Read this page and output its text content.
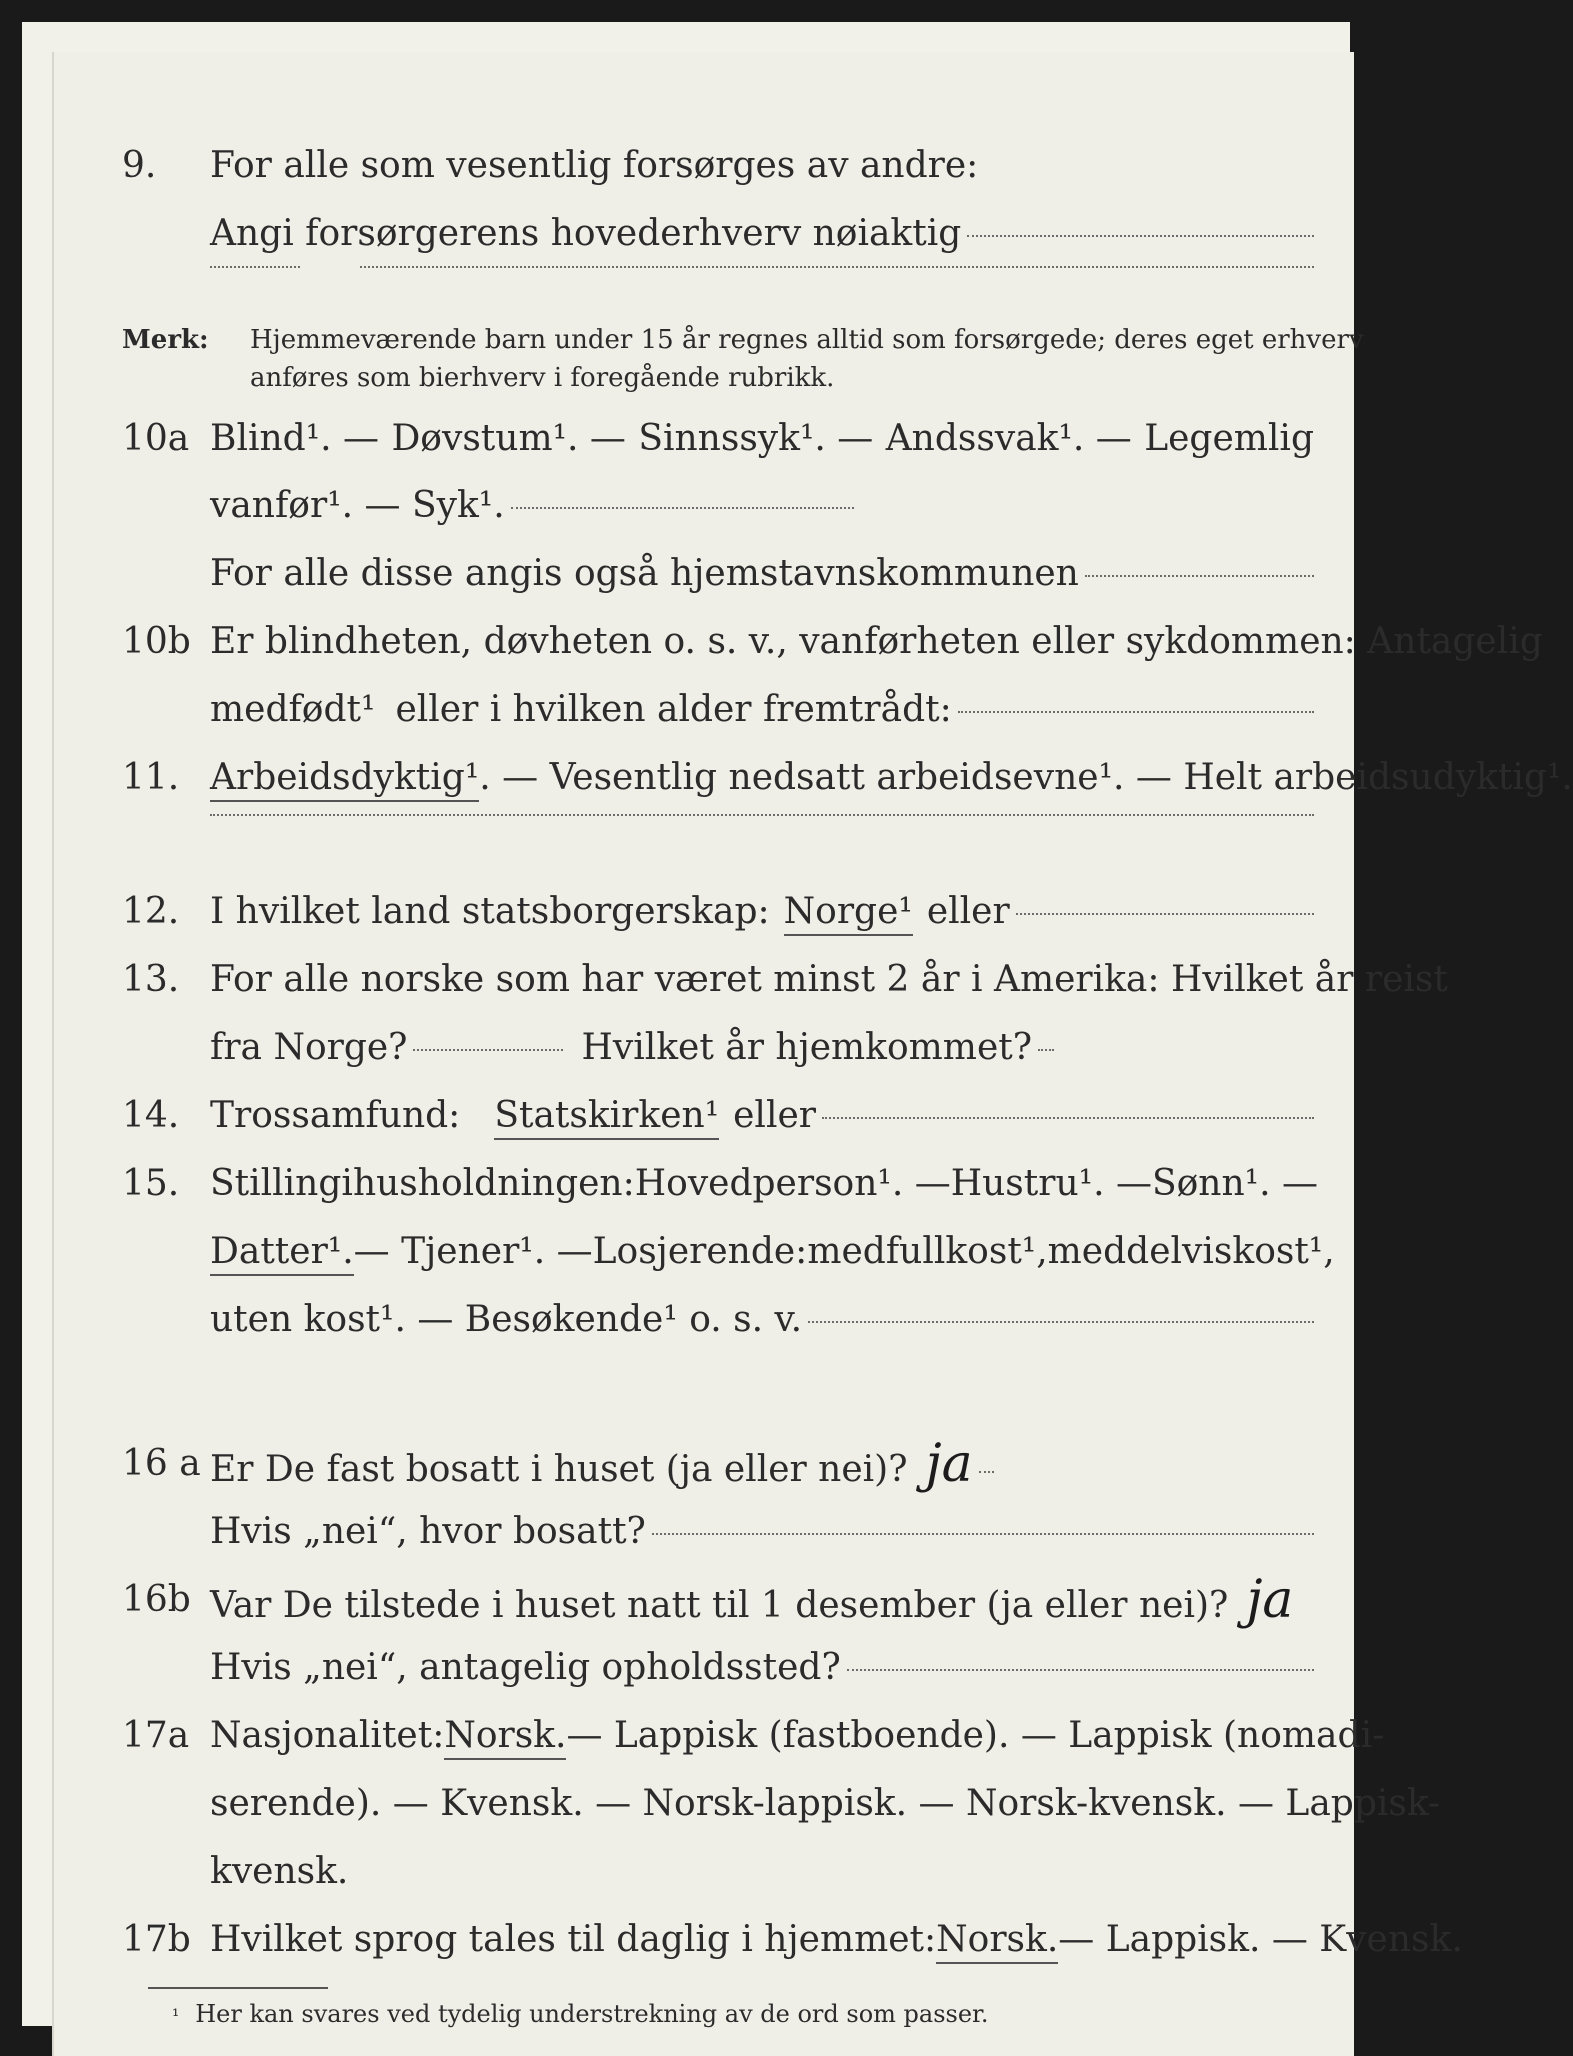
9. For alle som vesentlig forsørges av andre:
Angi forsørgerens hovederhverv nøiaktig
Merk: Hjemmeværende barn under 15 år regnes alltid som forsørgede; deres eget erhverv
anføres som bierhverv i foregående rubrikk.
10a Blind¹. — Døvstum¹. — Sinnssyk¹. — Andssvak¹. — Legemlig
vanfør¹. — Syk¹.
For alle disse angis også hjemstavnskommunen
10b Er blindheten, døvheten o. s. v., vanførheten eller sykdommen: Antagelig
medfødt¹ eller i hvilken alder fremtrådt:
11. Arbeidsdyktig¹ . — Vesentlig nedsatt arbeidsevne¹. — Helt arbeidsudyktig¹.
12. I hvilket land statsborgerskap: Norge¹ eller
13. For alle norske som har været minst 2 år i Amerika: Hvilket år reist
fra Norge?	Hvilket år hjemkommet?
14. Trossamfund: Statskirken¹ eller
15. Stilling i husholdningen: Hovedperson¹. — Hustru¹. — Sønn¹. —
Datter¹. — Tjener¹. — Losjerende: med full kost¹, med delvis kost¹,
uten kost¹. — Besøkende¹ o. s. v.
16 a Er De fast bosatt i huset (ja eller nei)? ja
Hvis „nei“, hvor bosatt?
16b Var De tilstede i huset natt til 1 desember (ja eller nei)? ja
Hvis „nei“, antagelig opholdssted?
17a Nasjonalitet: Norsk. — Lappisk (fastboende). — Lappisk (nomadi-
serende). — Kvensk. — Norsk-lappisk. — Norsk-kvensk. — Lappisk-
kvensk.
17b Hvilket sprog tales til daglig i hjemmet: Norsk. — Lappisk. — Kvensk.
¹ Her kan svares ved tydelig understrekning av de ord som passer.
